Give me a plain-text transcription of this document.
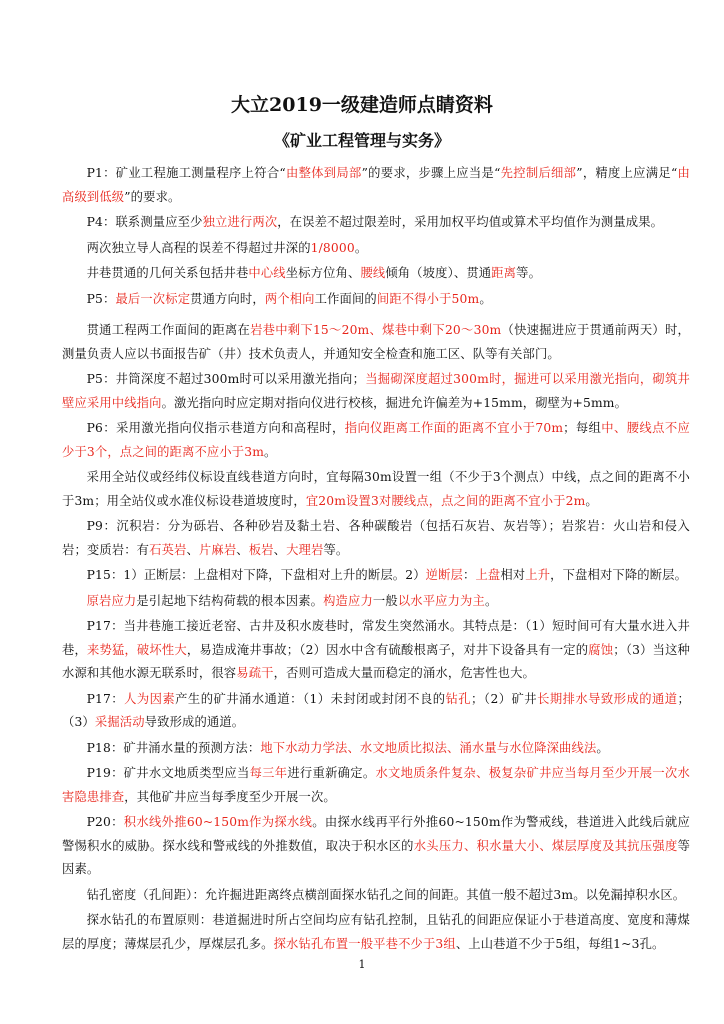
大立2019一级建造师点睛资料
《矿业工程管理与实务》

P1：矿业工程施工测量程序上符合“由整体到局部”的要求，步骤上应当是“先控制后细部”，精度上应满足“由高级到低级”的要求。

P4：联系测量应至少独立进行两次，在误差不超过限差时，采用加权平均值或算术平均值作为测量成果。

两次独立导人高程的误差不得超过井深的1/8000。

井巷贯通的几何关系包括井巷中心线坐标方位角、腰线倾角（坡度）、贯通距离等。

P5：最后一次标定贯通方向时，两个相向工作面间的间距不得小于50m。

贯通工程两工作面间的距离在岩巷中剩下15～20m、煤巷中剩下20～30m（快速掘进应于贯通前两天）时，测量负责人应以书面报告矿（井）技术负责人，并通知安全检查和施工区、队等有关部门。

P5：井筒深度不超过300m时可以采用激光指向；当掘砌深度超过300m时，掘进可以采用激光指向，砌筑井壁应采用中线指向。激光指向时应定期对指向仪进行校核，掘进允许偏差为+15mm，砌壁为+5mm。

P6：采用激光指向仪指示巷道方向和高程时，指向仪距离工作面的距离不宜小于70m；每组中、腰线点不应少于3个，点之间的距离不应小于3m。

采用全站仪或经纬仪标设直线巷道方向时，宜每隔30m设置一组（不少于3个测点）中线，点之间的距离不小于3m；用全站仪或水准仪标设巷道坡度时，宜20m设置3对腰线点，点之间的距离不宜小于2m。

P9：沉积岩：分为砾岩、各种砂岩及黏土岩、各种碳酸岩（包括石灰岩、灰岩等）；岩浆岩：火山岩和侵入岩；变质岩：有石英岩、片麻岩、板岩、大理岩等。

P15：1）正断层：上盘相对下降，下盘相对上升的断层。2）逆断层：上盘相对上升，下盘相对下降的断层。

原岩应力是引起地下结构荷载的根本因素。构造应力一般以水平应力为主。

P17：当井巷施工接近老窑、古井及积水废巷时，常发生突然涌水。其特点是：（1）短时间可有大量水进入井巷，来势猛，破坏性大，易造成淹井事故；（2）因水中含有硫酸根离子，对井下设备具有一定的腐蚀；（3）当这种水源和其他水源无联系时，很容易疏干，否则可造成大量而稳定的涌水，危害性也大。

P17：人为因素产生的矿井涌水通道：（1）未封闭或封闭不良的钻孔；（2）矿井长期排水导致形成的通道；（3）采掘活动导致形成的通道。

P18：矿井涌水量的预测方法：地下水动力学法、水文地质比拟法、涌水量与水位降深曲线法。

P19：矿井水文地质类型应当每三年进行重新确定。水文地质条件复杂、极复杂矿井应当每月至少开展一次水害隐患排查，其他矿井应当每季度至少开展一次。

P20：积水线外推60~150m作为探水线。由探水线再平行外推60~150m作为警戒线，巷道进入此线后就应警惕积水的威胁。探水线和警戒线的外推数值，取决于积水区的水头压力、积水量大小、煤层厚度及其抗压强度等因素。

钻孔密度（孔间距）：允许掘进距离终点横剖面探水钻孔之间的间距。其值一般不超过3m。以免漏掉积水区。

探水钻孔的布置原则：巷道掘进时所占空间均应有钻孔控制，且钻孔的间距应保证小于巷道高度、宽度和薄煤层的厚度；薄煤层孔少，厚煤层孔多。探水钻孔布置一般平巷不少于3组、上山巷道不少于5组，每组1~3孔。

1
